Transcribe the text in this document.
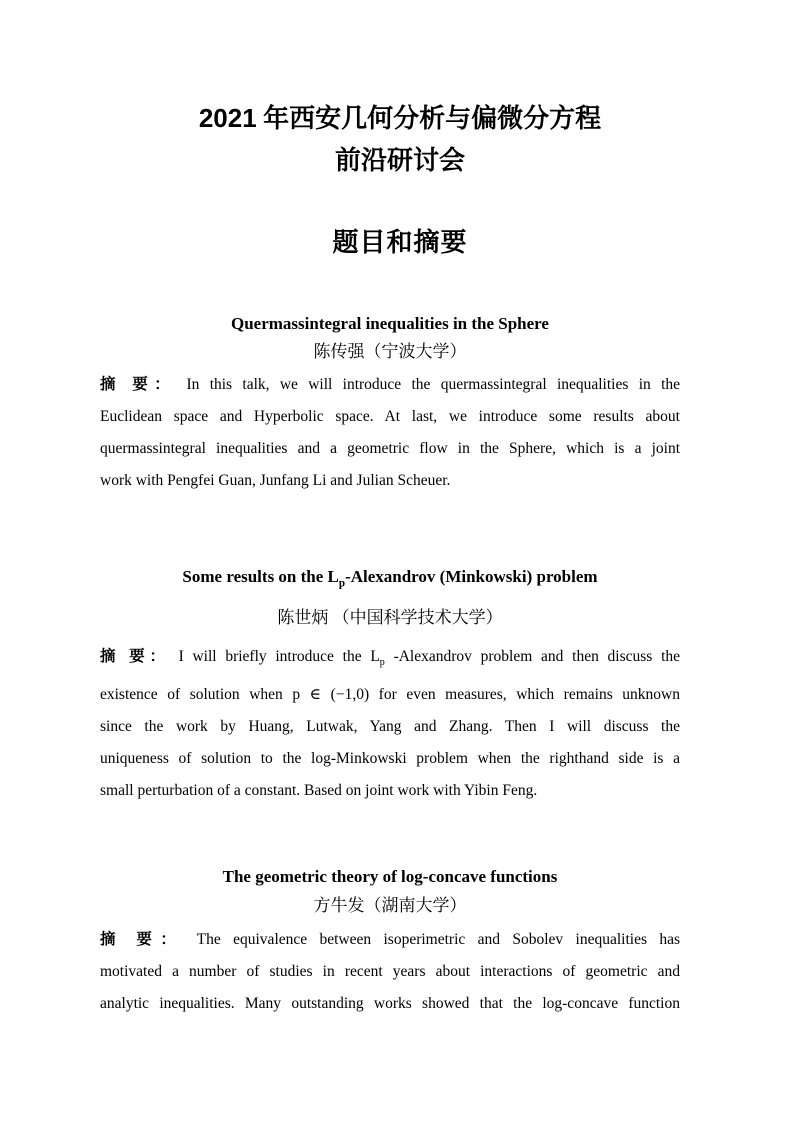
2021 年西安几何分析与偏微分方程
前沿研讨会
题目和摘要
Quermassintegral inequalities in the Sphere
陈传强（宁波大学）
摘 要： In this talk, we will introduce the quermassintegral inequalities in the
Euclidean space and Hyperbolic space. At last, we introduce some results about
quermassintegral inequalities and a geometric flow in the Sphere, which is a joint
work with Pengfei Guan, Junfang Li and Julian Scheuer.
Some results on the $L_p$-Alexandrov (Minkowski) problem
陈世炳 （中国科学技术大学）
摘 要： I will briefly introduce the $L_p$ -Alexandrov problem and then discuss the
existence of solution when p ∈ (−1,0) for even measures, which remains unknown
since the work by Huang, Lutwak, Yang and Zhang. Then I will discuss the
uniqueness of solution to the log-Minkowski problem when the righthand side is a
small perturbation of a constant. Based on joint work with Yibin Feng.
The geometric theory of log-concave functions
方牛发（湖南大学）
摘 要： The equivalence between isoperimetric and Sobolev inequalities has
motivated a number of studies in recent years about interactions of geometric and
analytic inequalities. Many outstanding works showed that the log-concave function
